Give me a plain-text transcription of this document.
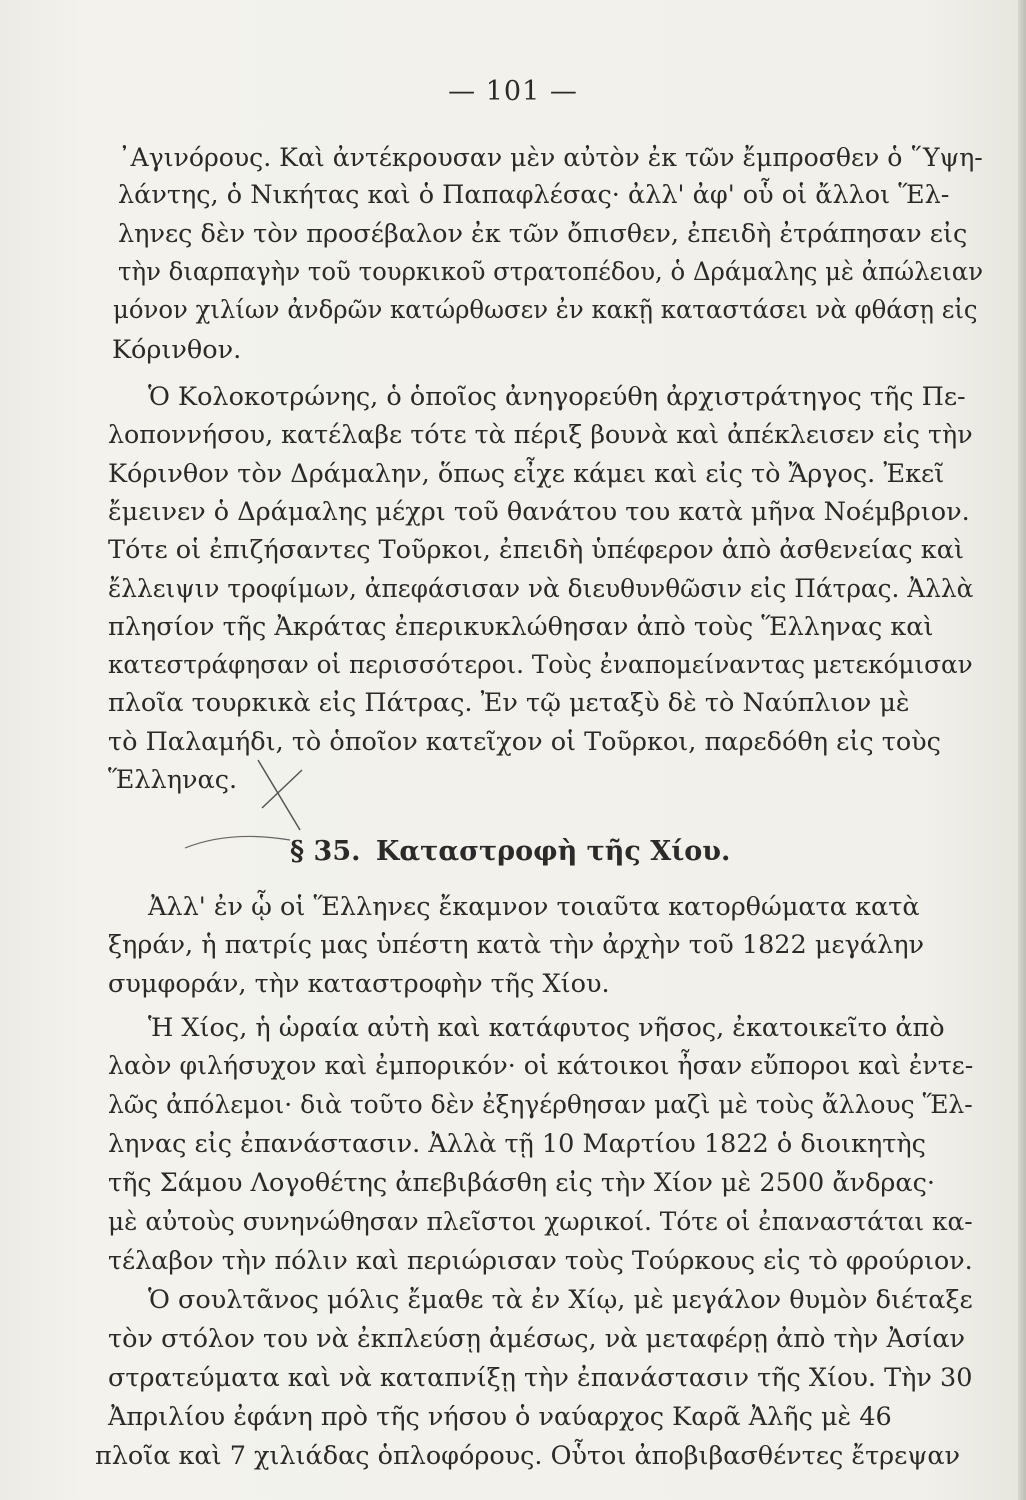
— 101 —
᾿Αγινόρους. Καὶ ἀντέκρουσαν μὲν αὐτὸν ἐκ τῶν ἔμπροσθεν ὁ ῞Υψη-
λάντης, ὁ Νικήτας καὶ ὁ Παπαφλέσας· ἀλλ' ἀφ' οὗ οἱ ἄλλοι Ἕλ-
ληνες δὲν τὸν προσέβαλον ἐκ τῶν ὄπισθεν, ἐπειδὴ ἐτράπησαν εἰς
τὴν διαρπαγὴν τοῦ τουρκικοῦ στρατοπέδου, ὁ Δράμαλης μὲ ἀπώλειαν
μόνον χιλίων ἀνδρῶν κατώρθωσεν ἐν κακῇ καταστάσει νὰ φθάσῃ εἰς
Κόρινθον.
Ὁ Κολοκοτρώνης, ὁ ὁποῖος ἀνηγορεύθη ἀρχιστράτηγος τῆς Πε-
λοποννήσου, κατέλαβε τότε τὰ πέριξ βουνὰ καὶ ἀπέκλεισεν εἰς τὴν
Κόρινθον τὸν Δράμαλην, ὅπως εἶχε κάμει καὶ εἰς τὸ Ἄργος. Ἐκεῖ
ἔμεινεν ὁ Δράμαλης μέχρι τοῦ θανάτου του κατὰ μῆνα Νοέμβριον.
Τότε οἱ ἐπιζήσαντες Τοῦρκοι, ἐπειδὴ ὑπέφερον ἀπὸ ἀσθενείας καὶ
ἔλλειψιν τροφίμων, ἀπεφάσισαν νὰ διευθυνθῶσιν εἰς Πάτρας. Ἀλλὰ
πλησίον τῆς Ἀκράτας ἐπερικυκλώθησαν ἀπὸ τοὺς Ἕλληνας καὶ
κατεστράφησαν οἱ περισσότεροι. Τοὺς ἐναπομείναντας μετεκόμισαν
πλοῖα τουρκικὰ εἰς Πάτρας. Ἐν τῷ μεταξὺ δὲ τὸ Ναύπλιον μὲ
τὸ Παλαμήδι, τὸ ὁποῖον κατεῖχον οἱ Τοῦρκοι, παρεδόθη εἰς τοὺς
Ἕλληνας.
§ 35. Καταστροφὴ τῆς Χίου.
Ἀλλ' ἐν ᾧ οἱ Ἕλληνες ἔκαμνον τοιαῦτα κατορθώματα κατὰ
ξηράν, ἡ πατρίς μας ὑπέστη κατὰ τὴν ἀρχὴν τοῦ 1822 μεγάλην
συμφοράν, τὴν καταστροφὴν τῆς Χίου.
Ἡ Χίος, ἡ ὡραία αὐτὴ καὶ κατάφυτος νῆσος, ἐκατοικεῖτο ἀπὸ
λαὸν φιλήσυχον καὶ ἐμπορικόν· οἱ κάτοικοι ἦσαν εὔποροι καὶ ἐντε-
λῶς ἀπόλεμοι· διὰ τοῦτο δὲν ἐξηγέρθησαν μαζὶ μὲ τοὺς ἄλλους Ἕλ-
ληνας εἰς ἐπανάστασιν. Ἀλλὰ τῇ 10 Μαρτίου 1822 ὁ διοικητὴς
τῆς Σάμου Λογοθέτης ἀπεβιβάσθη εἰς τὴν Χίον μὲ 2500 ἄνδρας·
μὲ αὐτοὺς συνηνώθησαν πλεῖστοι χωρικοί. Τότε οἱ ἐπαναστάται κα-
τέλαβον τὴν πόλιν καὶ περιώρισαν τοὺς Τούρκους εἰς τὸ φρούριον.
Ὁ σουλτᾶνος μόλις ἔμαθε τὰ ἐν Χίῳ, μὲ μεγάλον θυμὸν διέταξε
τὸν στόλον του νὰ ἐκπλεύσῃ ἀμέσως, νὰ μεταφέρῃ ἀπὸ τὴν Ἀσίαν
στρατεύματα καὶ νὰ καταπνίξῃ τὴν ἐπανάστασιν τῆς Χίου. Τὴν 30
Ἀπριλίου ἐφάνη πρὸ τῆς νήσου ὁ ναύαρχος Καρᾶ Ἀλῆς μὲ 46
πλοῖα καὶ 7 χιλιάδας ὁπλοφόρους. Οὗτοι ἀποβιβασθέντες ἔτρεψαν
